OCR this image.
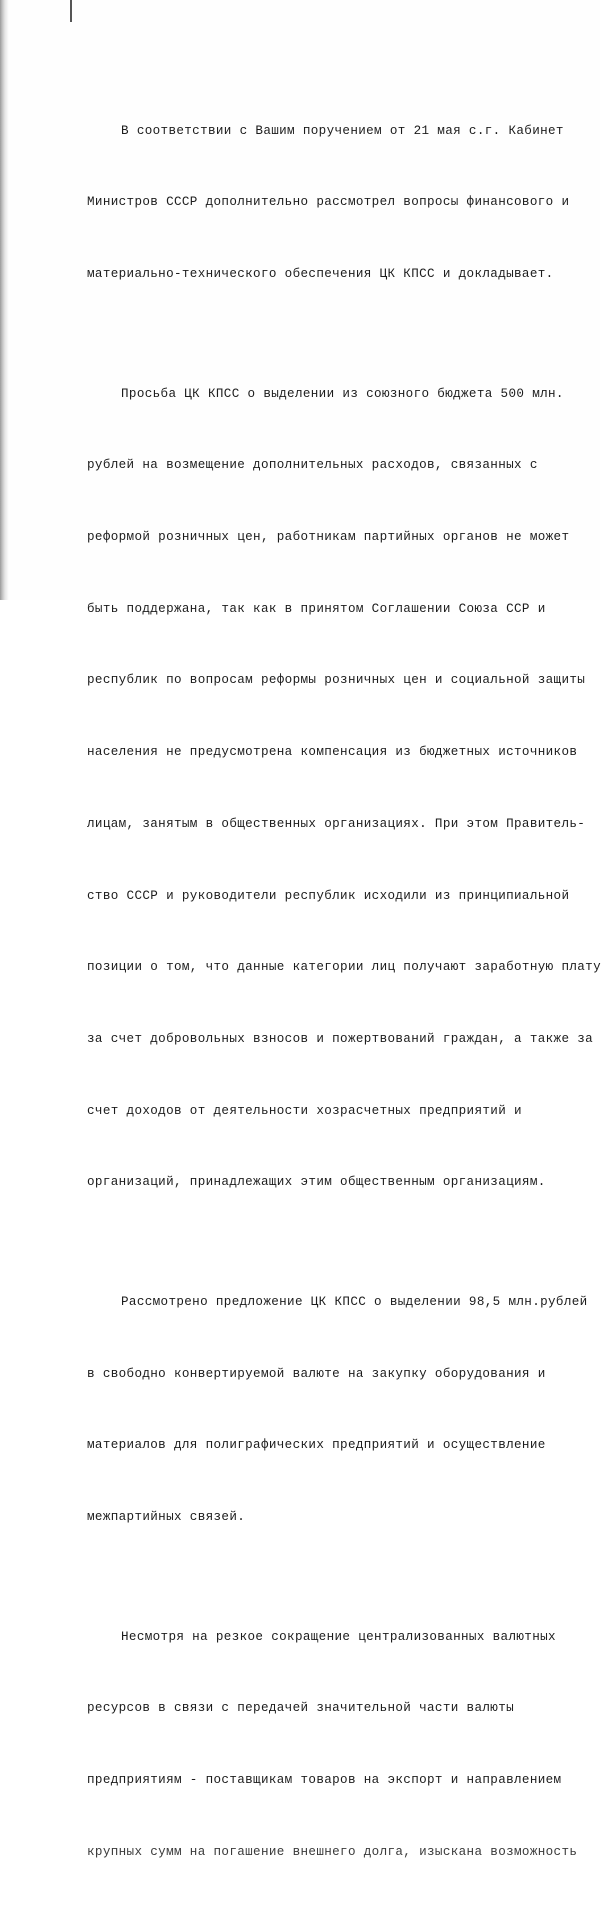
В соответствии с Вашим поручением от 21 мая с.г. Кабинет

Министров СССР дополнительно рассмотрел вопросы финансового и

материально-технического обеспечения ЦК КПСС и докладывает.

Просьба ЦК КПСС о выделении из союзного бюджета 500 млн.

рублей на возмещение дополнительных расходов, связанных с

реформой розничных цен, работникам партийных органов не может

быть поддержана, так как в принятом Соглашении Союза ССР и

республик по вопросам реформы розничных цен и социальной защиты

населения не предусмотрена компенсация из бюджетных источников

лицам, занятым в общественных организациях. При этом Правитель-

ство СССР и руководители республик исходили из принципиальной

позиции о том, что данные категории лиц получают заработную плату

за счет добровольных взносов и пожертвований граждан, а также за

счет доходов от деятельности хозрасчетных предприятий и

организаций, принадлежащих этим общественным организациям.

Рассмотрено предложение ЦК КПСС о выделении 98,5 млн.рублей

в свободно конвертируемой валюте на закупку оборудования и

материалов для полиграфических предприятий и осуществление

межпартийных связей.

Несмотря на резкое сокращение централизованных валютных

ресурсов в связи с передачей значительной части валюты

предприятиям - поставщикам товаров на экспорт и направлением

крупных сумм на погашение внешнего долга, изыскана возможность
